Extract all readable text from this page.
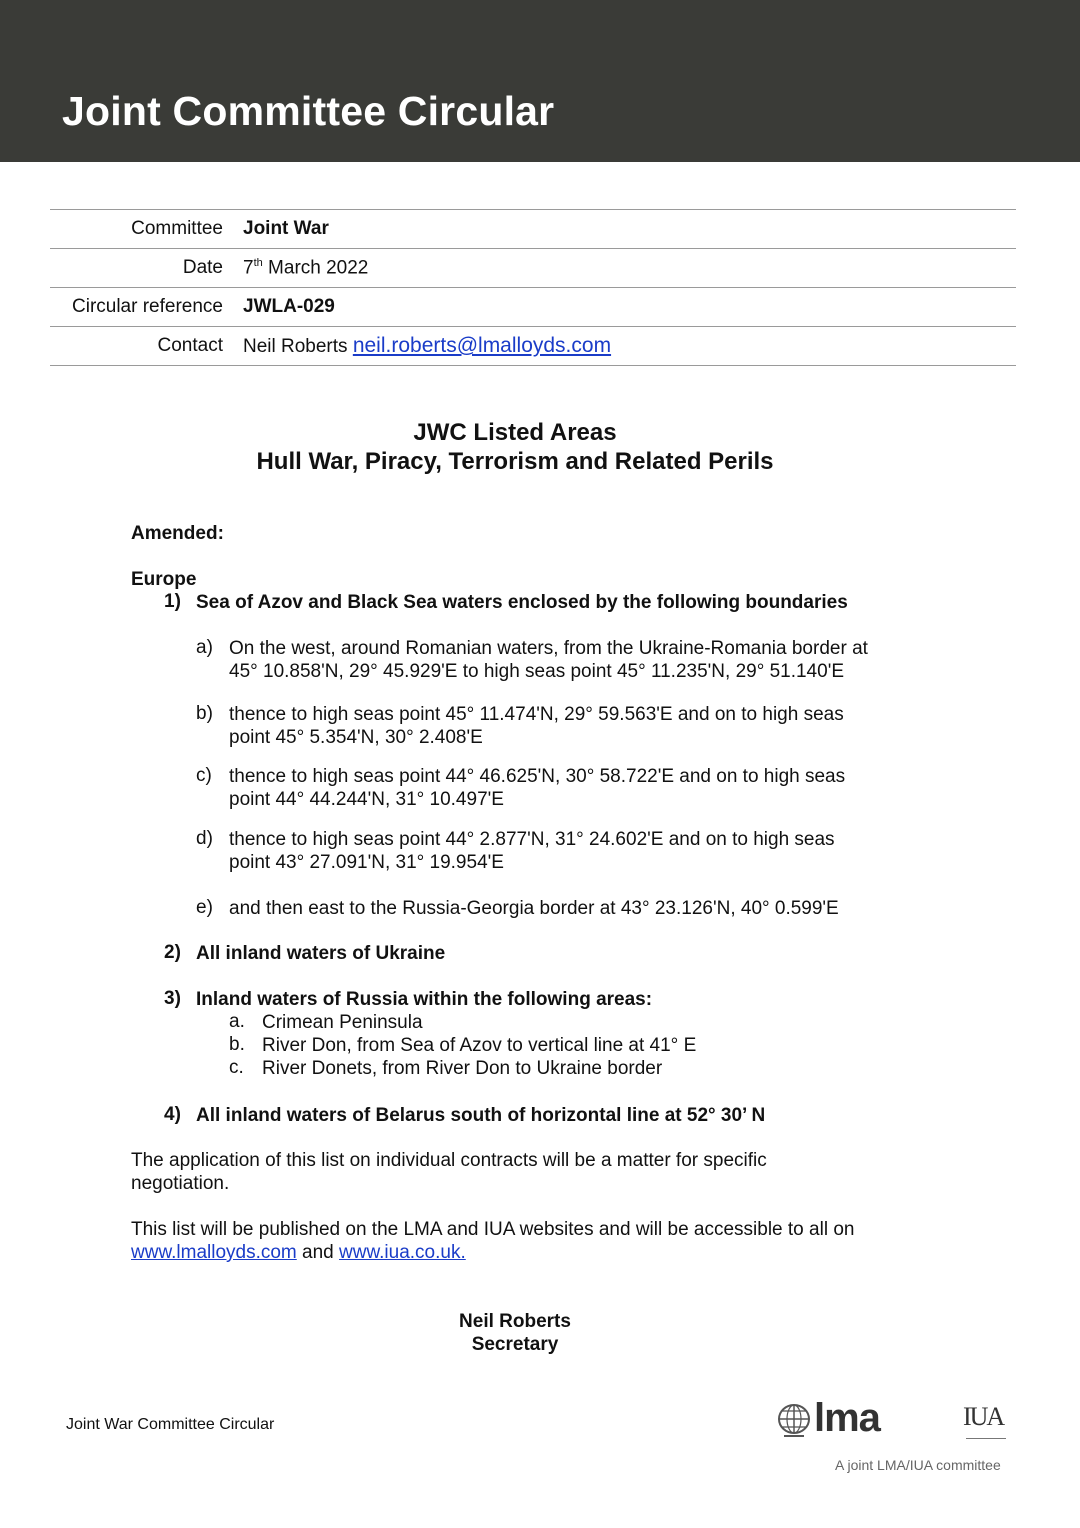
Joint Committee Circular
Committee Joint War
Date 7th March 2022
Circular reference JWLA-029
Contact Neil Roberts neil.roberts@lmalloyds.com
JWC Listed Areas
Hull War, Piracy, Terrorism and Related Perils
Amended:
Europe
1) Sea of Azov and Black Sea waters enclosed by the following boundaries
a) On the west, around Romanian waters, from the Ukraine-Romania border at
45° 10.858'N, 29° 45.929'E to high seas point 45° 11.235'N, 29° 51.140'E
b) thence to high seas point 45° 11.474'N, 29° 59.563'E and on to high seas
point 45° 5.354'N, 30° 2.408'E
c) thence to high seas point 44° 46.625'N, 30° 58.722'E and on to high seas
point 44° 44.244'N, 31° 10.497'E
d) thence to high seas point 44° 2.877'N, 31° 24.602'E and on to high seas
point 43° 27.091'N, 31° 19.954'E
e) and then east to the Russia-Georgia border at 43° 23.126'N, 40° 0.599'E
2) All inland waters of Ukraine
3) Inland waters of Russia within the following areas:
a. Crimean Peninsula
b. River Don, from Sea of Azov to vertical line at 41° E
c. River Donets, from River Don to Ukraine border
4) All inland waters of Belarus south of horizontal line at 52° 30’ N
The application of this list on individual contracts will be a matter for specific
negotiation.
This list will be published on the LMA and IUA websites and will be accessible to all on
www.lmalloyds.com and www.iua.co.uk.
Neil Roberts
Secretary
Joint War Committee Circular	lma	IUA
A joint LMA/IUA committee
